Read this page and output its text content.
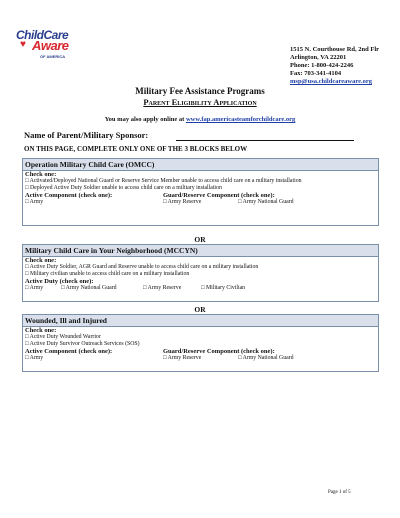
ChildCare
♥ Aware
OF AMERICA
1515 N. Courthouse Rd, 2nd Flr
Arlington, VA 22201
Phone: 1-800-424-2246
Fax: 703-341-4104
msp@usa.childcareaware.org
Military Fee Assistance Programs
Parent Eligibility Application
You may also apply online at www.fap.americasteamforchildcare.org
Name of Parent/Military Sponsor:
ON THIS PAGE, COMPLETE ONLY ONE OF THE 3 BLOCKS BELOW
Operation Military Child Care (OMCC)
Check one:
□ Activated/Deployed National Guard or Reserve Service Member unable to access child care on a military installation
□ Deployed Active Duty Soldier unable to access child care on a military installation
Active Component (check one):	Guard/Reserve Component (check one):
□ Army	□ Army Reserve	□ Army National Guard
OR
Military Child Care in Your Neighborhood (MCCYN)
Check one:
□ Active Duty Soldier, AGR Guard and Reserve unable to access child care on a military installation
□ Military civilian unable to access child care on a military installation
Active Duty (check one):
□ Army	□ Army National Guard	□ Army Reserve	□ Military Civilian
OR
Wounded, Ill and Injured
Check one:
□ Active Duty Wounded Warrior
□ Active Duty Survivor Outreach Services (SOS)
Active Component (check one):	Guard/Reserve Component (check one):
□ Army	□ Army Reserve	□ Army National Guard
Page 1 of 5
